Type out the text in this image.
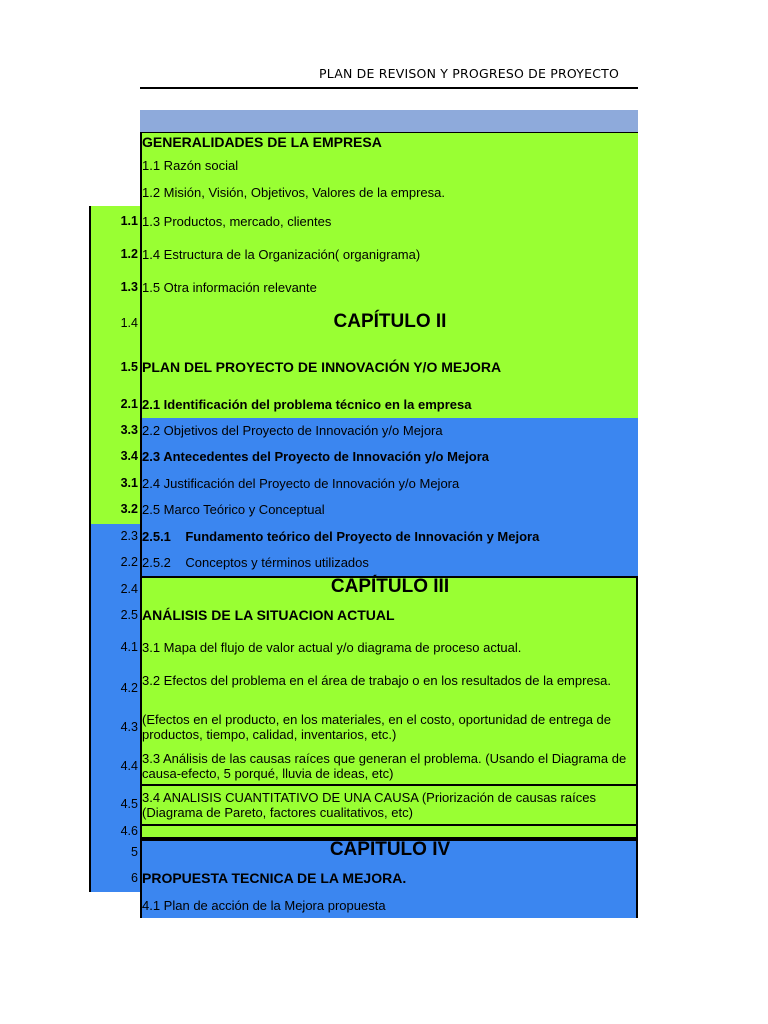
PLAN DE REVISON Y PROGRESO DE PROYECTO
1.1
1.2
1.3
1.4
1.5
2.1
3.3
3.4
3.1
3.2
2.3
2.2
2.4
2.5
4.1
4.2
4.3
4.4
4.5
4.6
5
6
GENERALIDADES DE LA EMPRESA
1.1 Razón social
1.2 Misión, Visión, Objetivos, Valores de la empresa.
1.3 Productos, mercado, clientes
1.4 Estructura de la Organización( organigrama)
1.5 Otra información relevante
CAPÍTULO II
PLAN DEL PROYECTO DE INNOVACIÓN Y/O MEJORA
2.1 Identificación del problema técnico en la empresa
2.2 Objetivos del Proyecto de Innovación y/o Mejora
2.3 Antecedentes del Proyecto de Innovación y/o Mejora
2.4 Justificación del Proyecto de Innovación y/o Mejora
2.5 Marco Teórico y Conceptual
2.5.1    Fundamento teórico del Proyecto de Innovación y Mejora
2.5.2    Conceptos y términos utilizados
CAPÍTULO III
ANÁLISIS DE LA SITUACION ACTUAL
3.1 Mapa del flujo de valor actual y/o diagrama de proceso actual.
3.2 Efectos del problema en el área de trabajo o en los resultados de la empresa.
(Efectos en el producto, en los materiales, en el costo, oportunidad de entrega de productos, tiempo, calidad, inventarios, etc.)
3.3 Análisis de las causas raíces que generan el problema. (Usando el Diagrama de causa-efecto, 5 porqué, lluvia de ideas, etc)
3.4 ANALISIS CUANTITATIVO DE UNA CAUSA (Priorización de causas raíces (Diagrama de Pareto, factores cualitativos, etc)
CAPITULO IV
PROPUESTA TECNICA DE LA MEJORA.
4.1 Plan de acción de la Mejora propuesta
